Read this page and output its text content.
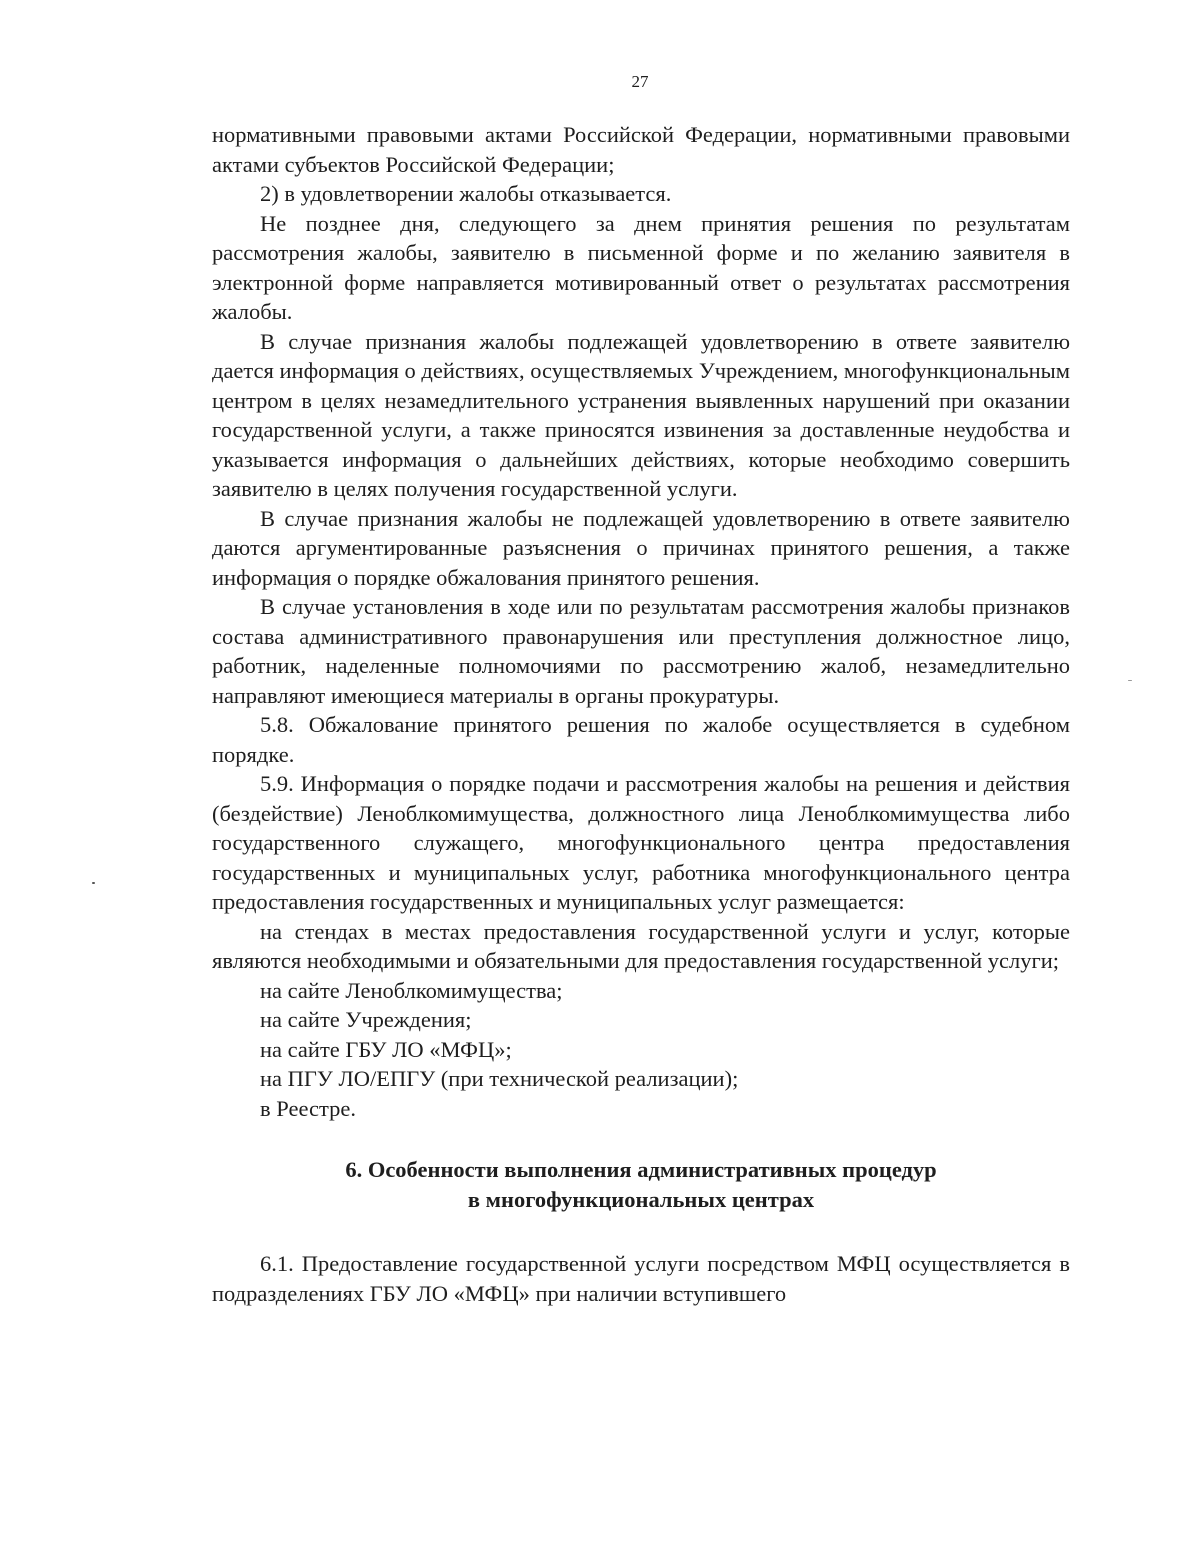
27

нормативными правовыми актами Российской Федерации, нормативными правовыми актами субъектов Российской Федерации;

2) в удовлетворении жалобы отказывается.

Не позднее дня, следующего за днем принятия решения по результатам рассмотрения жалобы, заявителю в письменной форме и по желанию заявителя в электронной форме направляется мотивированный ответ о результатах рассмотрения жалобы.

В случае признания жалобы подлежащей удовлетворению в ответе заявителю дается информация о действиях, осуществляемых Учреждением, многофункциональным центром в целях незамедлительного устранения выявленных нарушений при оказании государственной услуги, а также приносятся извинения за доставленные неудобства и указывается информация о дальнейших действиях, которые необходимо совершить заявителю в целях получения государственной услуги.

В случае признания жалобы не подлежащей удовлетворению в ответе заявителю даются аргументированные разъяснения о причинах принятого решения, а также информация о порядке обжалования принятого решения.

В случае установления в ходе или по результатам рассмотрения жалобы признаков состава административного правонарушения или преступления должностное лицо, работник, наделенные полномочиями по рассмотрению жалоб, незамедлительно направляют имеющиеся материалы в органы прокуратуры.

5.8. Обжалование принятого решения по жалобе осуществляется в судебном порядке.

5.9. Информация о порядке подачи и рассмотрения жалобы на решения и действия (бездействие) Леноблкомимущества, должностного лица Леноблкомимущества либо государственного служащего, многофункционального центра предоставления государственных и муниципальных услуг, работника многофункционального центра предоставления государственных и муниципальных услуг размещается:

на стендах в местах предоставления государственной услуги и услуг, которые являются необходимыми и обязательными для предоставления государственной услуги;

на сайте Леноблкомимущества;

на сайте Учреждения;

на сайте ГБУ ЛО «МФЦ»;

на ПГУ ЛО/ЕПГУ (при технической реализации);

в Реестре.

6. Особенности выполнения административных процедур
в многофункциональных центрах

6.1. Предоставление государственной услуги посредством МФЦ осуществляется в подразделениях ГБУ ЛО «МФЦ» при наличии вступившего
